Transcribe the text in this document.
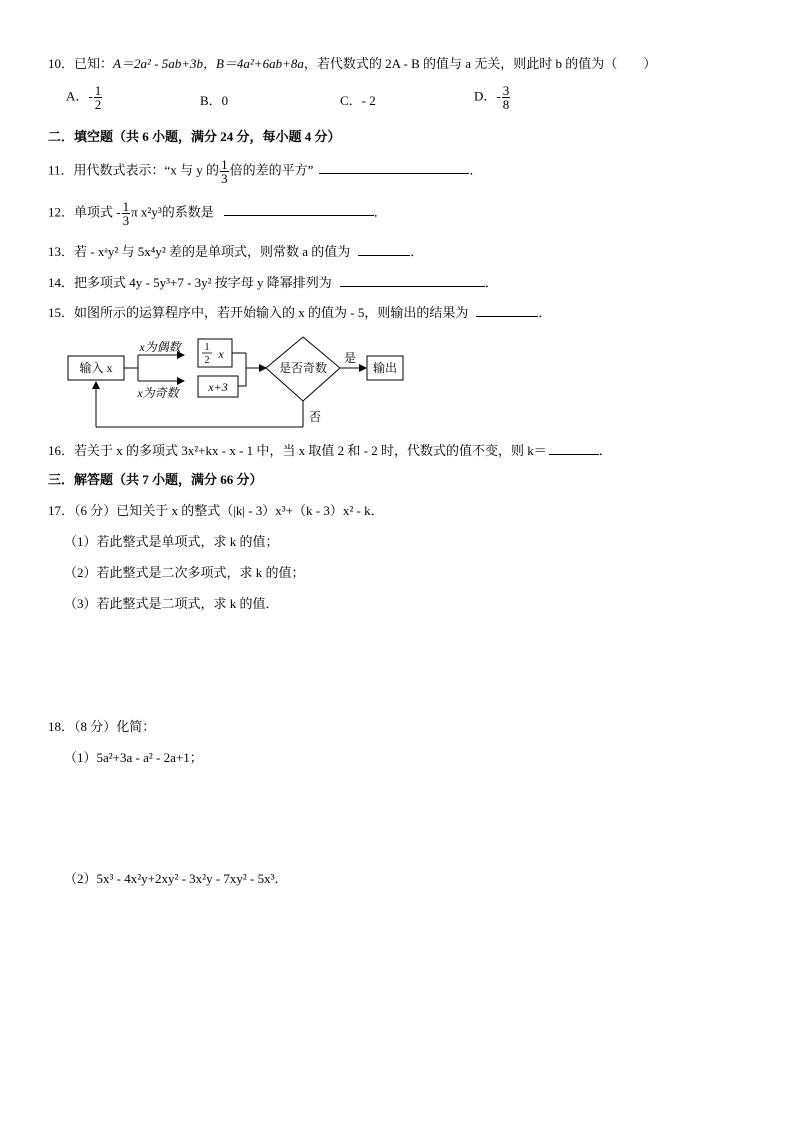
10．已知：A＝2a² - 5ab+3b，B＝4a²+6ab+8a，若代数式的 2A - B 的值与 a 无关，则此时 b 的值为（　　）
A．- $\frac{1}{2}$	B．0	C．- 2	D．- $\frac{3}{8}$
二．填空题（共 6 小题，满分 24 分，每小题 4 分）
11．用代数式表示：“x 与 y 的 $\frac{1}{3}$ 倍的差的平方”	．
12．单项式 - $\frac{1}{3}$ π x²y³的系数是	．
13．若 - xᵃy² 与 5x⁴y² 差的是单项式，则常数 a 的值为	．
14．把多项式 4y - 5y³+7 - 3y² 按字母 y 降幂排列为	．
15．如图所示的运算程序中，若开始输入的 x 的值为 - 5，则输出的结果为	．
输入 x
x为偶数
x为奇数
1
2 x
x+3
是否奇数
是
输出
否
16．若关于 x 的多项式 3x²+kx - x - 1 中，当 x 取值 2 和 - 2 时，代数式的值不变，则 k＝	．
三．解答题（共 7 小题，满分 66 分）
17．（6 分）已知关于 x 的整式（|k| - 3）x³+（k - 3）x² - k．
（1）若此整式是单项式，求 k 的值；
（2）若此整式是二次多项式，求 k 的值；
（3）若此整式是二项式，求 k 的值．
18．（8 分）化简：
（1）5a²+3a - a² - 2a+1；
（2）5x³ - 4x²y+2xy² - 3x²y - 7xy² - 5x³．
